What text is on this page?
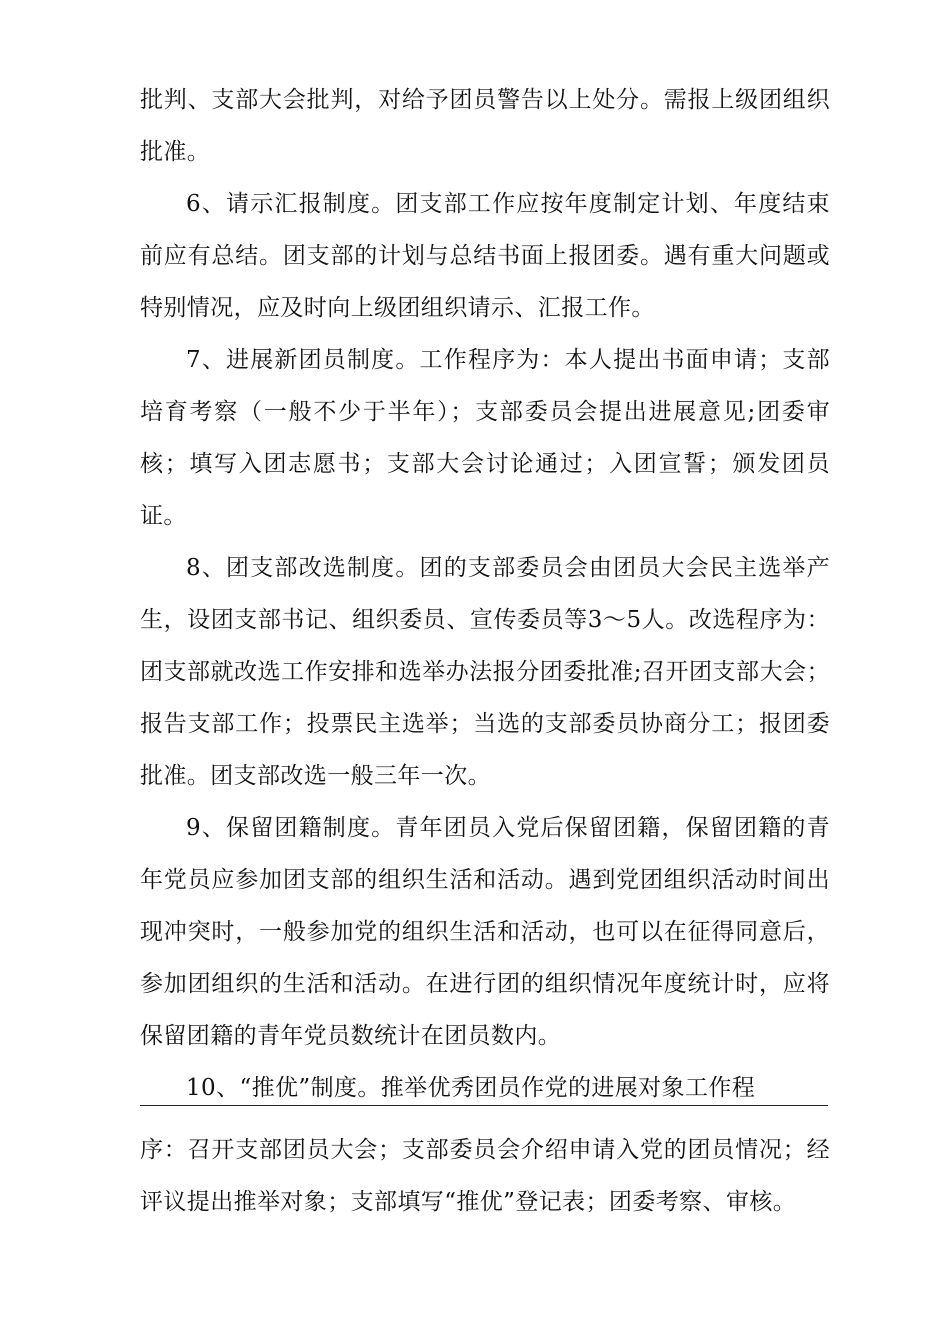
批判、支部大会批判，对给予团员警告以上处分。需报上级团组织批准。

6、请示汇报制度。团支部工作应按年度制定计划、年度结束前应有总结。团支部的计划与总结书面上报团委。遇有重大问题或特别情况，应及时向上级团组织请示、汇报工作。

7、进展新团员制度。工作程序为：本人提出书面申请；支部培育考察（一般不少于半年）；支部委员会提出进展意见;团委审核；填写入团志愿书；支部大会讨论通过；入团宣誓；颁发团员证。

8、团支部改选制度。团的支部委员会由团员大会民主选举产生，设团支部书记、组织委员、宣传委员等3〜5人。改选程序为：团支部就改选工作安排和选举办法报分团委批准;召开团支部大会；报告支部工作；投票民主选举；当选的支部委员协商分工；报团委批准。团支部改选一般三年一次。

9、保留团籍制度。青年团员入党后保留团籍，保留团籍的青年党员应参加团支部的组织生活和活动。遇到党团组织活动时间出现冲突时，一般参加党的组织生活和活动，也可以在征得同意后，参加团组织的生活和活动。在进行团的组织情况年度统计时，应将保留团籍的青年党员数统计在团员数内。

10、“推优”制度。推举优秀团员作党的进展对象工作程

序：召开支部团员大会；支部委员会介绍申请入党的团员情况；经评议提出推举对象；支部填写“推优”登记表；团委考察、审核。
